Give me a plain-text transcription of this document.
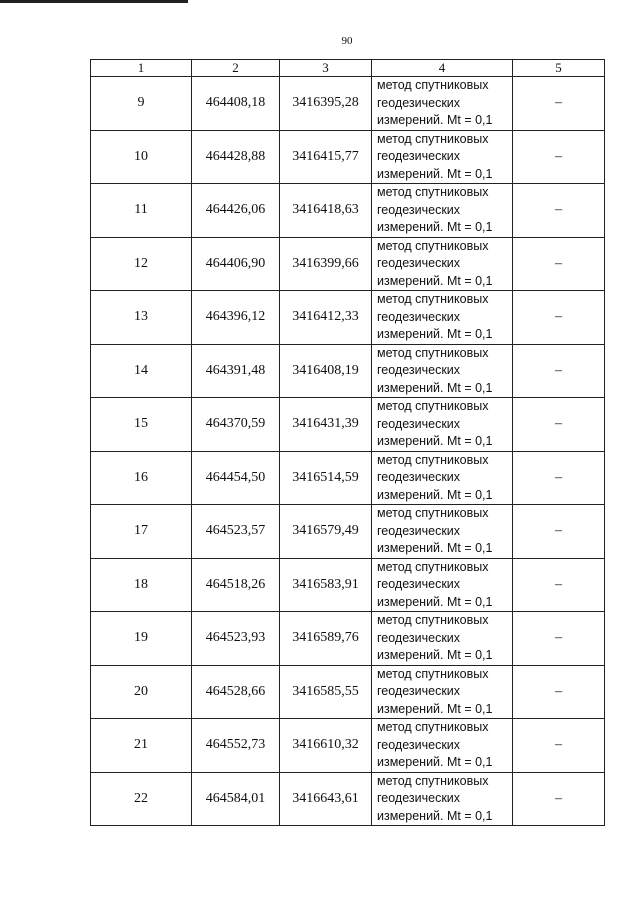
90
1	2	3	4	5
9	464408,18	3416395,28	метод спутниковых
геодезических
измерений. Mt = 0,1	–
10	464428,88	3416415,77	метод спутниковых
геодезических
измерений. Mt = 0,1	–
11	464426,06	3416418,63	метод спутниковых
геодезических
измерений. Mt = 0,1	–
12	464406,90	3416399,66	метод спутниковых
геодезических
измерений. Mt = 0,1	–
13	464396,12	3416412,33	метод спутниковых
геодезических
измерений. Mt = 0,1	–
14	464391,48	3416408,19	метод спутниковых
геодезических
измерений. Mt = 0,1	–
15	464370,59	3416431,39	метод спутниковых
геодезических
измерений. Mt = 0,1	–
16	464454,50	3416514,59	метод спутниковых
геодезических
измерений. Mt = 0,1	–
17	464523,57	3416579,49	метод спутниковых
геодезических
измерений. Mt = 0,1	–
18	464518,26	3416583,91	метод спутниковых
геодезических
измерений. Mt = 0,1	–
19	464523,93	3416589,76	метод спутниковых
геодезических
измерений. Mt = 0,1	–
20	464528,66	3416585,55	метод спутниковых
геодезических
измерений. Mt = 0,1	–
21	464552,73	3416610,32	метод спутниковых
геодезических
измерений. Mt = 0,1	–
22	464584,01	3416643,61	метод спутниковых
геодезических
измерений. Mt = 0,1	–
